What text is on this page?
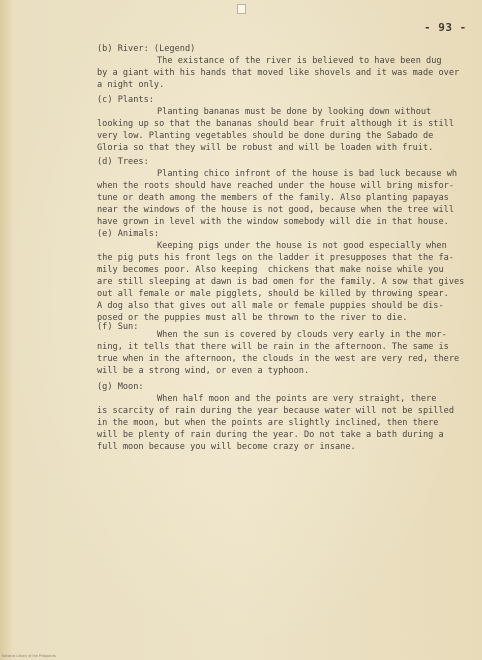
- 93 -
(b) River: (Legend)
The existance of the river is believed to have been dug
by a giant with his hands that moved like shovels and it was made over
a night only.
(c) Plants:
Planting bananas must be done by looking down without
looking up so that the bananas should bear fruit although it is still
very low. Planting vegetables should be done during the Sabado de
Gloria so that they will be robust and will be loaden with fruit.
(d) Trees:
Planting chico infront of the house is bad luck because wh
when the roots should have reached under the house will bring misfor-
tune or death among the members of the family. Also planting papayas
near the windows of the house is not good, because when the tree will
have grown in level with the window somebody will die in that house.
(e) Animals:
Keeping pigs under the house is not good especially when
the pig puts his front legs on the ladder it presupposes that the fa-
mily becomes poor. Also keeping  chickens that make noise while you
are still sleeping at dawn is bad omen for the family. A sow that gives
out all female or male pigglets, should be killed by throwing spear.
A dog also that gives out all male or female puppies should be dis-
posed or the puppies must all be thrown to the river to die.
(f) Sun:
When the sun is covered by clouds very early in the mor-
ning, it tells that there will be rain in the afternoon. The same is
true when in the afternoon, the clouds in the west are very red, there
will be a strong wind, or even a typhoon.
(g) Moon:
When half moon and the points are very straight, there
is scarcity of rain during the year because water will not be spilled
in the moon, but when the points are slightly inclined, then there
will be plenty of rain during the year. Do not take a bath during a
full moon because you will become crazy or insane.
National Library of the Philippines
